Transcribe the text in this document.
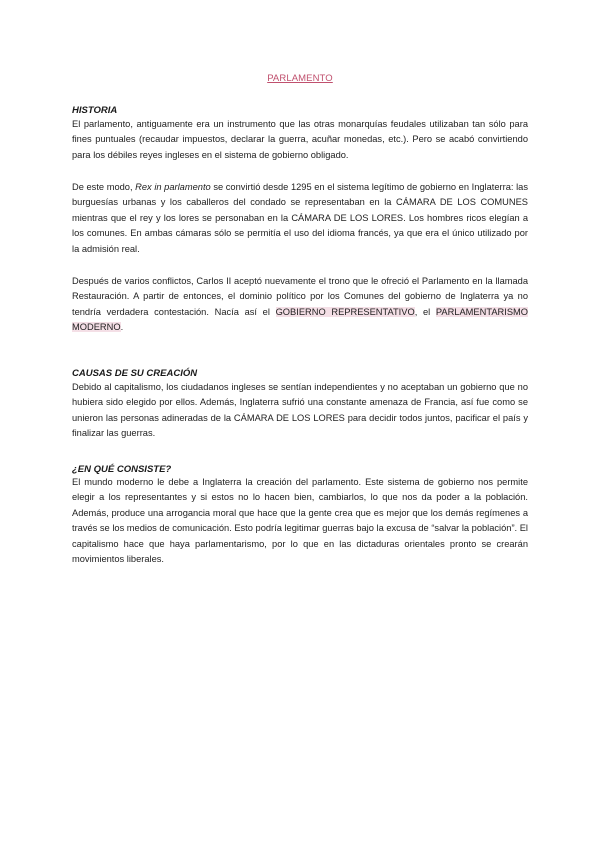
PARLAMENTO
HISTORIA
El parlamento, antiguamente era un instrumento que las otras monarquías feudales utilizaban tan sólo para fines puntuales (recaudar impuestos, declarar la guerra, acuñar monedas, etc.). Pero se acabó convirtiendo para los débiles reyes ingleses en el sistema de gobierno obligado.
De este modo, Rex in parlamento se convirtió desde 1295 en el sistema legítimo de gobierno en Inglaterra: las burguesías urbanas y los caballeros del condado se representaban en la CÁMARA DE LOS COMUNES mientras que el rey y los lores se personaban en la CÁMARA DE LOS LORES. Los hombres ricos elegían a los comunes. En ambas cámaras sólo se permitía el uso del idioma francés, ya que era el único utilizado por la admisión real.
Después de varios conflictos, Carlos II aceptó nuevamente el trono que le ofreció el Parlamento en la llamada Restauración. A partir de entonces, el dominio político por los Comunes del gobierno de Inglaterra ya no tendría verdadera contestación. Nacía así el GOBIERNO REPRESENTATIVO, el PARLAMENTARISMO MODERNO.
CAUSAS DE SU CREACIÓN
Debido al capitalismo, los ciudadanos ingleses se sentían independientes y no aceptaban un gobierno que no hubiera sido elegido por ellos. Además, Inglaterra sufrió una constante amenaza de Francia, así fue como se unieron las personas adineradas de la CÁMARA DE LOS LORES para decidir todos juntos, pacificar el país y finalizar las guerras.
¿EN QUÉ CONSISTE?
El mundo moderno le debe a Inglaterra la creación del parlamento. Este sistema de gobierno nos permite elegir a los representantes y si estos no lo hacen bien, cambiarlos, lo que nos da poder a la población. Además, produce una arrogancia moral que hace que la gente crea que es mejor que los demás regímenes a través se los medios de comunicación. Esto podría legitimar guerras bajo la excusa de “salvar la población”. El capitalismo hace que haya parlamentarismo, por lo que en las dictaduras orientales pronto se crearán movimientos liberales.
